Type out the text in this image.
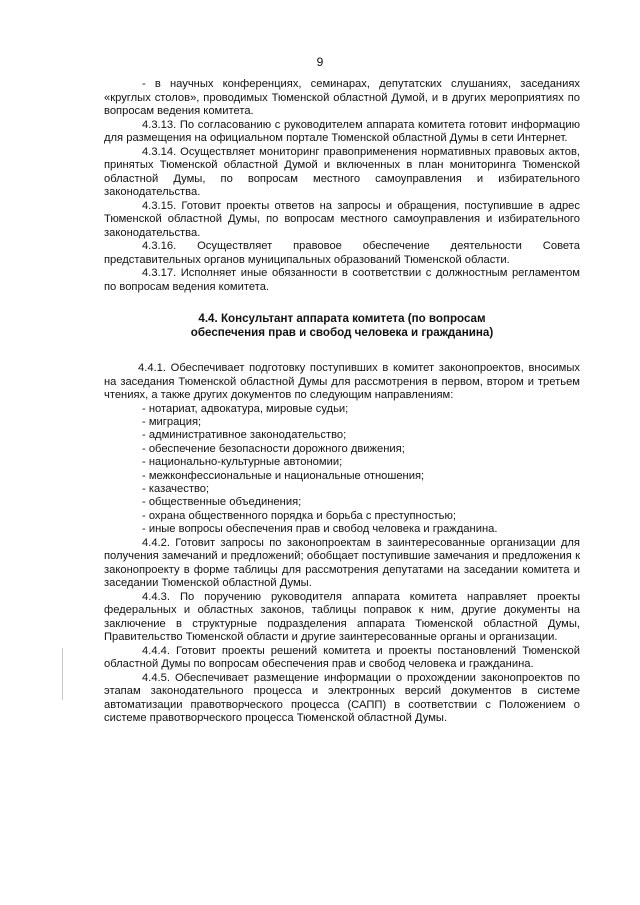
9

- в научных конференциях, семинарах, депутатских слушаниях, заседаниях «круглых столов», проводимых Тюменской областной Думой, и в других мероприятиях по вопросам ведения комитета.

4.3.13. По согласованию с руководителем аппарата комитета готовит информацию для размещения на официальном портале Тюменской областной Думы в сети Интернет.

4.3.14. Осуществляет мониторинг правоприменения нормативных правовых актов, принятых Тюменской областной Думой и включенных в план мониторинга Тюменской областной Думы, по вопросам местного самоуправления и избирательного законодательства.

4.3.15. Готовит проекты ответов на запросы и обращения, поступившие в адрес Тюменской областной Думы, по вопросам местного самоуправления и избирательного законодательства.

4.3.16. Осуществляет правовое обеспечение деятельности Совета представительных органов муниципальных образований Тюменской области.

4.3.17. Исполняет иные обязанности в соответствии с должностным регламентом по вопросам ведения комитета.

4.4. Консультант аппарата комитета (по вопросам
обеспечения прав и свобод человека и гражданина)

4.4.1. Обеспечивает подготовку поступивших в комитет законопроектов, вносимых на заседания Тюменской областной Думы для рассмотрения в первом, втором и третьем чтениях, а также других документов по следующим направлениям:

- нотариат, адвокатура, мировые судьи;
- миграция;
- административное законодательство;
- обеспечение безопасности дорожного движения;
- национально-культурные автономии;
- межконфессиональные и национальные отношения;
- казачество;
- общественные объединения;
- охрана общественного порядка и борьба с преступностью;
- иные вопросы обеспечения прав и свобод человека и гражданина.

4.4.2. Готовит запросы по законопроектам в заинтересованные организации для получения замечаний и предложений; обобщает поступившие замечания и предложения к законопроекту в форме таблицы для рассмотрения депутатами на заседании комитета и заседании Тюменской областной Думы.

4.4.3. По поручению руководителя аппарата комитета направляет проекты федеральных и областных законов, таблицы поправок к ним, другие документы на заключение в структурные подразделения аппарата Тюменской областной Думы, Правительство Тюменской области и другие заинтересованные органы и организации.

4.4.4. Готовит проекты решений комитета и проекты постановлений Тюменской областной Думы по вопросам обеспечения прав и свобод человека и гражданина.

4.4.5. Обеспечивает размещение информации о прохождении законопроектов по этапам законодательного процесса и электронных версий документов в системе автоматизации правотворческого процесса (САПП) в соответствии с Положением о системе правотворческого процесса Тюменской областной Думы.
